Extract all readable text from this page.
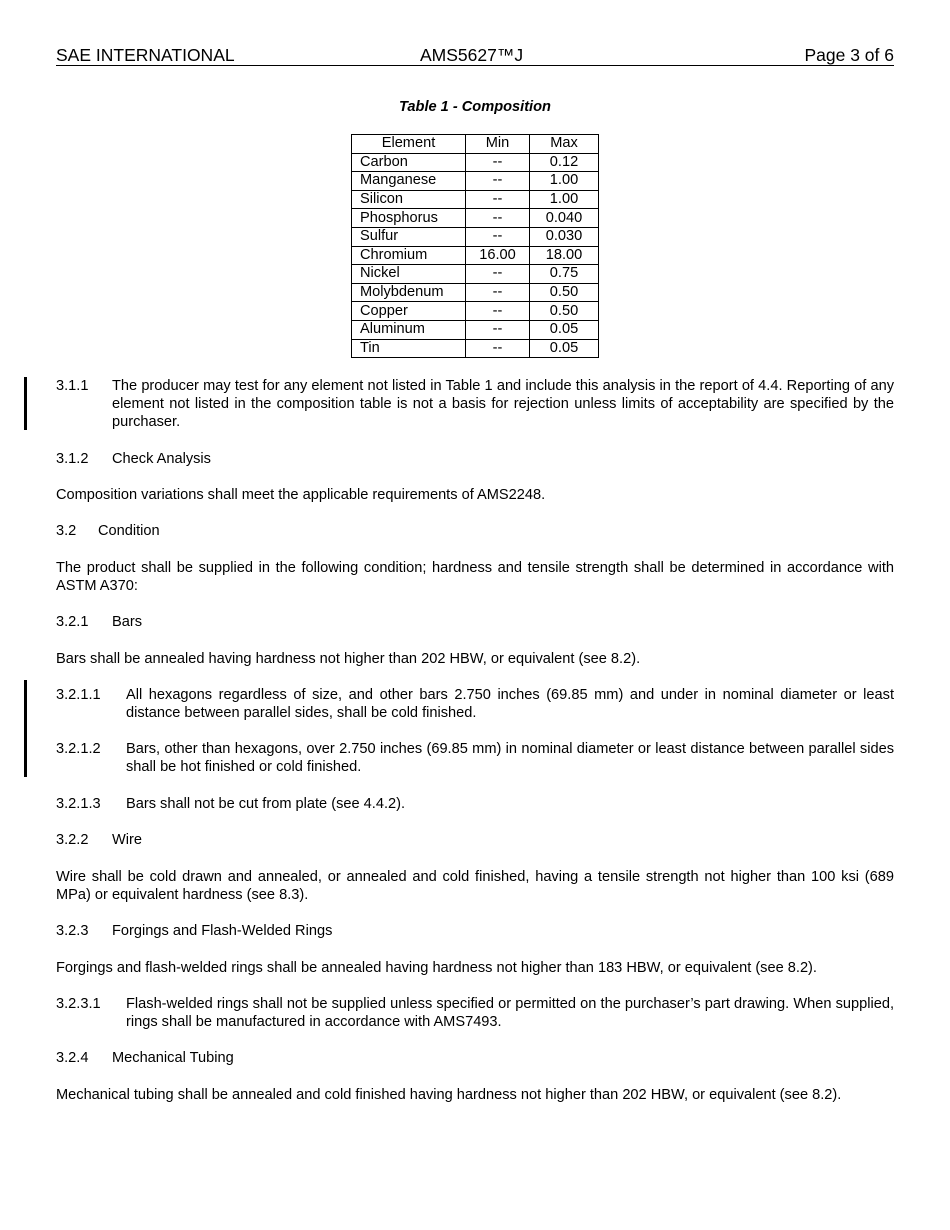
SAE INTERNATIONAL	AMS5627™J	Page 3 of 6
Table 1 - Composition
Element	Min	Max
Carbon	--	0.12
Manganese	--	1.00
Silicon	--	1.00
Phosphorus	--	0.040
Sulfur	--	0.030
Chromium	16.00	18.00
Nickel	--	0.75
Molybdenum	--	0.50
Copper	--	0.50
Aluminum	--	0.05
Tin	--	0.05
3.1.1 The producer may test for any element not listed in Table 1 and include this analysis in the report of 4.4. Reporting of any element not listed in the composition table is not a basis for rejection unless limits of acceptability are specified by the purchaser.
3.1.2 Check Analysis
Composition variations shall meet the applicable requirements of AMS2248.
3.2 Condition
The product shall be supplied in the following condition; hardness and tensile strength shall be determined in accordance with ASTM A370:
3.2.1 Bars
Bars shall be annealed having hardness not higher than 202 HBW, or equivalent (see 8.2).
3.2.1.1 All hexagons regardless of size, and other bars 2.750 inches (69.85 mm) and under in nominal diameter or least distance between parallel sides, shall be cold finished.
3.2.1.2 Bars, other than hexagons, over 2.750 inches (69.85 mm) in nominal diameter or least distance between parallel sides shall be hot finished or cold finished.
3.2.1.3 Bars shall not be cut from plate (see 4.4.2).
3.2.2 Wire
Wire shall be cold drawn and annealed, or annealed and cold finished, having a tensile strength not higher than 100 ksi (689 MPa) or equivalent hardness (see 8.3).
3.2.3 Forgings and Flash-Welded Rings
Forgings and flash-welded rings shall be annealed having hardness not higher than 183 HBW, or equivalent (see 8.2).
3.2.3.1 Flash-welded rings shall not be supplied unless specified or permitted on the purchaser’s part drawing. When supplied, rings shall be manufactured in accordance with AMS7493.
3.2.4 Mechanical Tubing
Mechanical tubing shall be annealed and cold finished having hardness not higher than 202 HBW, or equivalent (see 8.2).
